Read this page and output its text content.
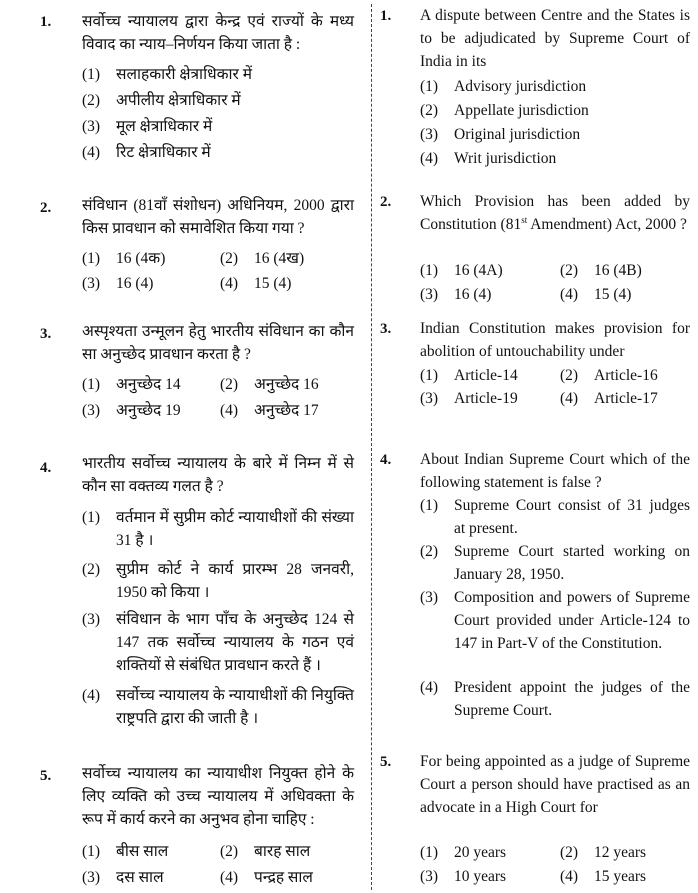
1. सर्वोच्च न्यायालय द्वारा केन्द्र एवं राज्यों के मध्य विवाद का न्याय–निर्णयन किया जाता है :
(1) सलाहकारी क्षेत्राधिकार में
(2) अपीलीय क्षेत्राधिकार में
(3) मूल क्षेत्राधिकार में
(4) रिट क्षेत्राधिकार में
2. संविधान (81वाँ संशोधन) अधिनियम, 2000 द्वारा किस प्रावधान को समावेशित किया गया ?
(1) 16 (4क)	(2) 16 (4ख)
(3) 16 (4)	(4) 15 (4)
3. अस्पृश्यता उन्मूलन हेतु भारतीय संविधान का कौन सा अनुच्छेद प्रावधान करता है ?
(1) अनुच्छेद 14	(2) अनुच्छेद 16
(3) अनुच्छेद 19	(4) अनुच्छेद 17
4. भारतीय सर्वोच्च न्यायालय के बारे में निम्न में से कौन सा वक्तव्य गलत है ?
(1)	वर्तमान में सुप्रीम कोर्ट न्यायाधीशों की संख्या 31 है ।
(2)	सुप्रीम कोर्ट ने कार्य प्रारम्भ 28 जनवरी, 1950 को किया ।
(3)	संविधान के भाग पाँच के अनुच्छेद 124 से 147 तक सर्वोच्च न्यायालय के गठन एवं शक्तियों से संबंधित प्रावधान करते हैं ।
(4)	सर्वोच्च न्यायालय के न्यायाधीशों की नियुक्ति राष्ट्रपति द्वारा की जाती है ।
5. सर्वोच्च न्यायालय का न्यायाधीश नियुक्त होने के लिए व्यक्ति को उच्च न्यायालय में अधिवक्ता के रूप में कार्य करने का अनुभव होना चाहिए :
(1) बीस साल	(2) बारह साल
(3) दस साल	(4) पन्द्रह साल
1. A dispute between Centre and the States is to be adjudicated by Supreme Court of India in its
(1) Advisory jurisdiction
(2) Appellate jurisdiction
(3) Original jurisdiction
(4) Writ jurisdiction
2. Which Provision has been added by Constitution (81st Amendment) Act, 2000 ?
(1) 16 (4A)	(2) 16 (4B)
(3) 16 (4)	(4) 15 (4)
3. Indian Constitution makes provision for abolition of untouchability under
(1) Article-14	(2) Article-16
(3) Article-19	(4) Article-17
4. About Indian Supreme Court which of the following statement is false ?
(1)	Supreme Court consist of 31 judges at present.
(2)	Supreme Court started working on January 28, 1950.
(3)	Composition and powers of Supreme Court provided under Article-124 to 147 in Part-V of the Constitution.
(4)	President appoint the judges of the Supreme Court.
5. For being appointed as a judge of Supreme Court a person should have practised as an advocate in a High Court for
(1) 20 years	(2) 12 years
(3) 10 years	(4) 15 years
